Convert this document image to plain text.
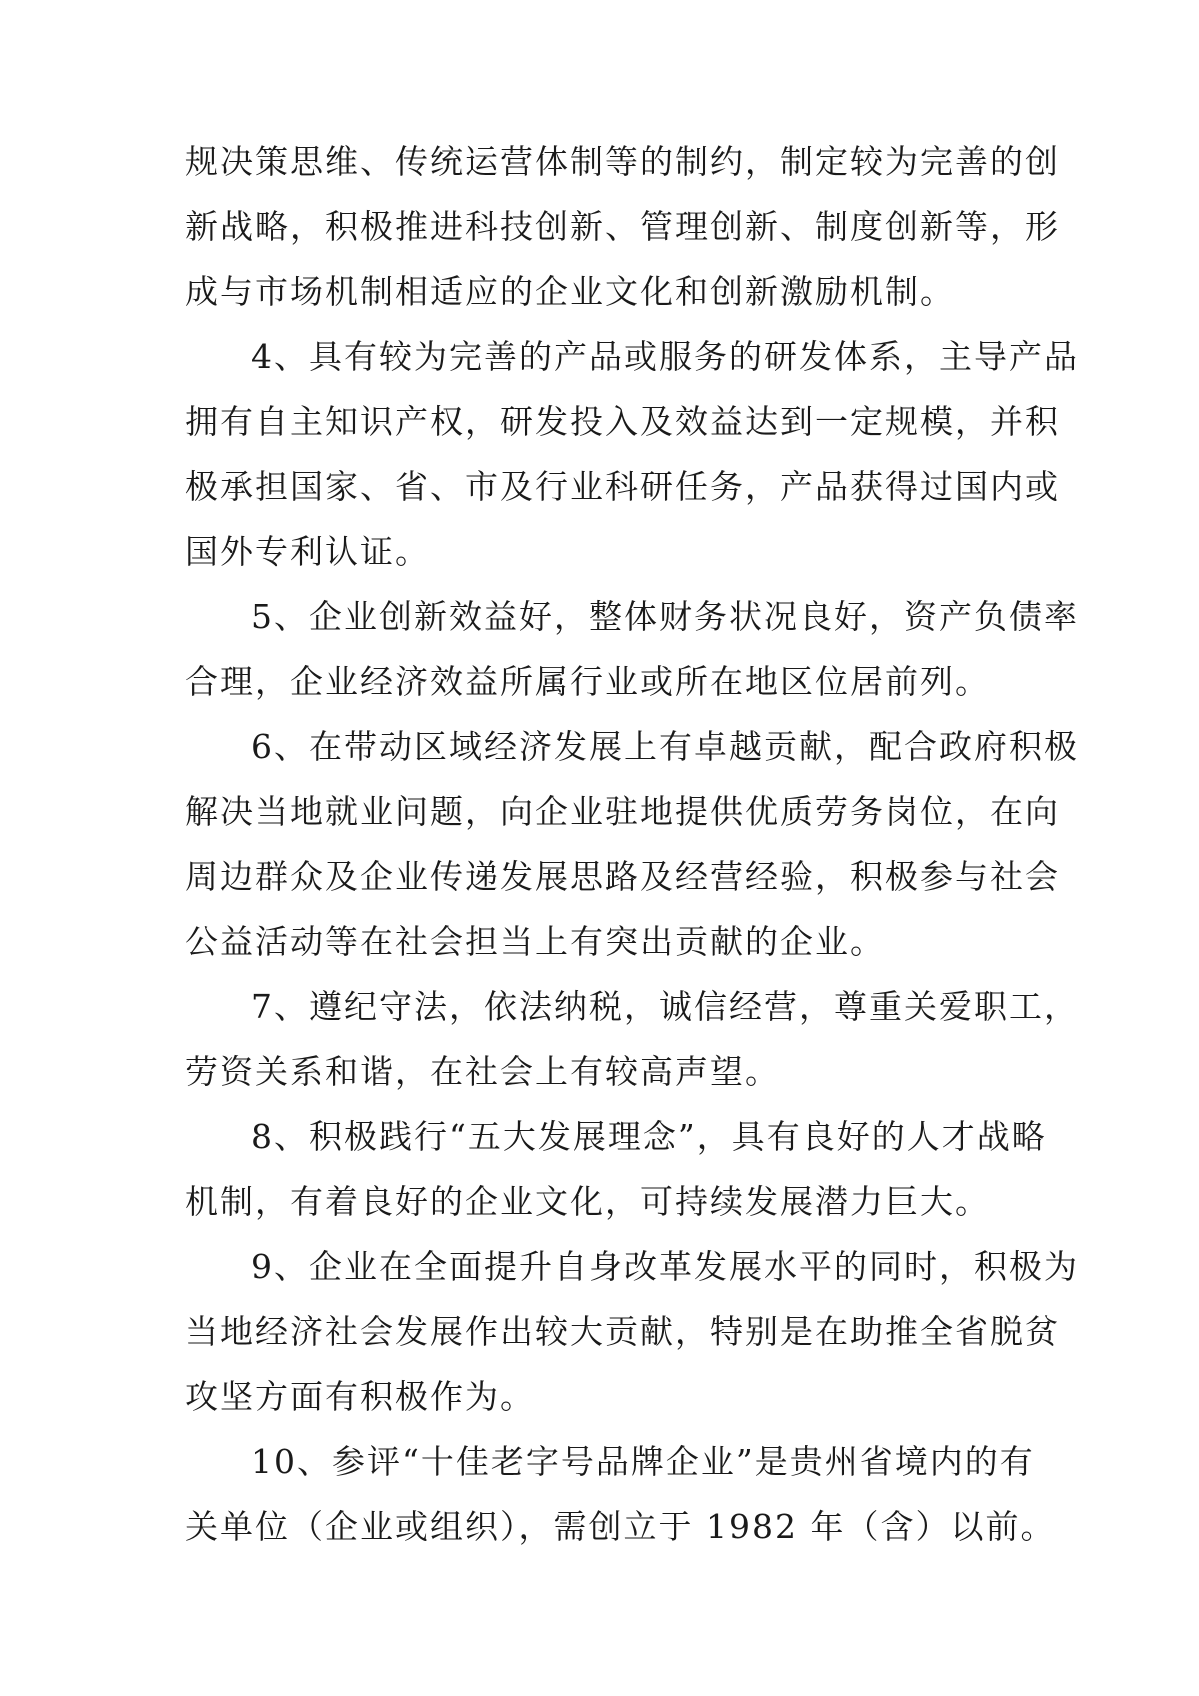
规决策思维、传统运营体制等的制约，制定较为完善的创
新战略，积极推进科技创新、管理创新、制度创新等，形
成与市场机制相适应的企业文化和创新激励机制。
4、具有较为完善的产品或服务的研发体系，主导产品
拥有自主知识产权，研发投入及效益达到一定规模，并积
极承担国家、省、市及行业科研任务，产品获得过国内或
国外专利认证。
5、企业创新效益好，整体财务状况良好，资产负债率
合理，企业经济效益所属行业或所在地区位居前列。
6、在带动区域经济发展上有卓越贡献，配合政府积极
解决当地就业问题，向企业驻地提供优质劳务岗位，在向
周边群众及企业传递发展思路及经营经验，积极参与社会
公益活动等在社会担当上有突出贡献的企业。
7、遵纪守法，依法纳税，诚信经营，尊重关爱职工，
劳资关系和谐，在社会上有较高声望。
8、积极践行“五大发展理念”，具有良好的人才战略
机制，有着良好的企业文化，可持续发展潜力巨大。
9、企业在全面提升自身改革发展水平的同时，积极为
当地经济社会发展作出较大贡献，特别是在助推全省脱贫
攻坚方面有积极作为。
10、参评“十佳老字号品牌企业”是贵州省境内的有
关单位（企业或组织），需创立于 1982 年（含）以前。
